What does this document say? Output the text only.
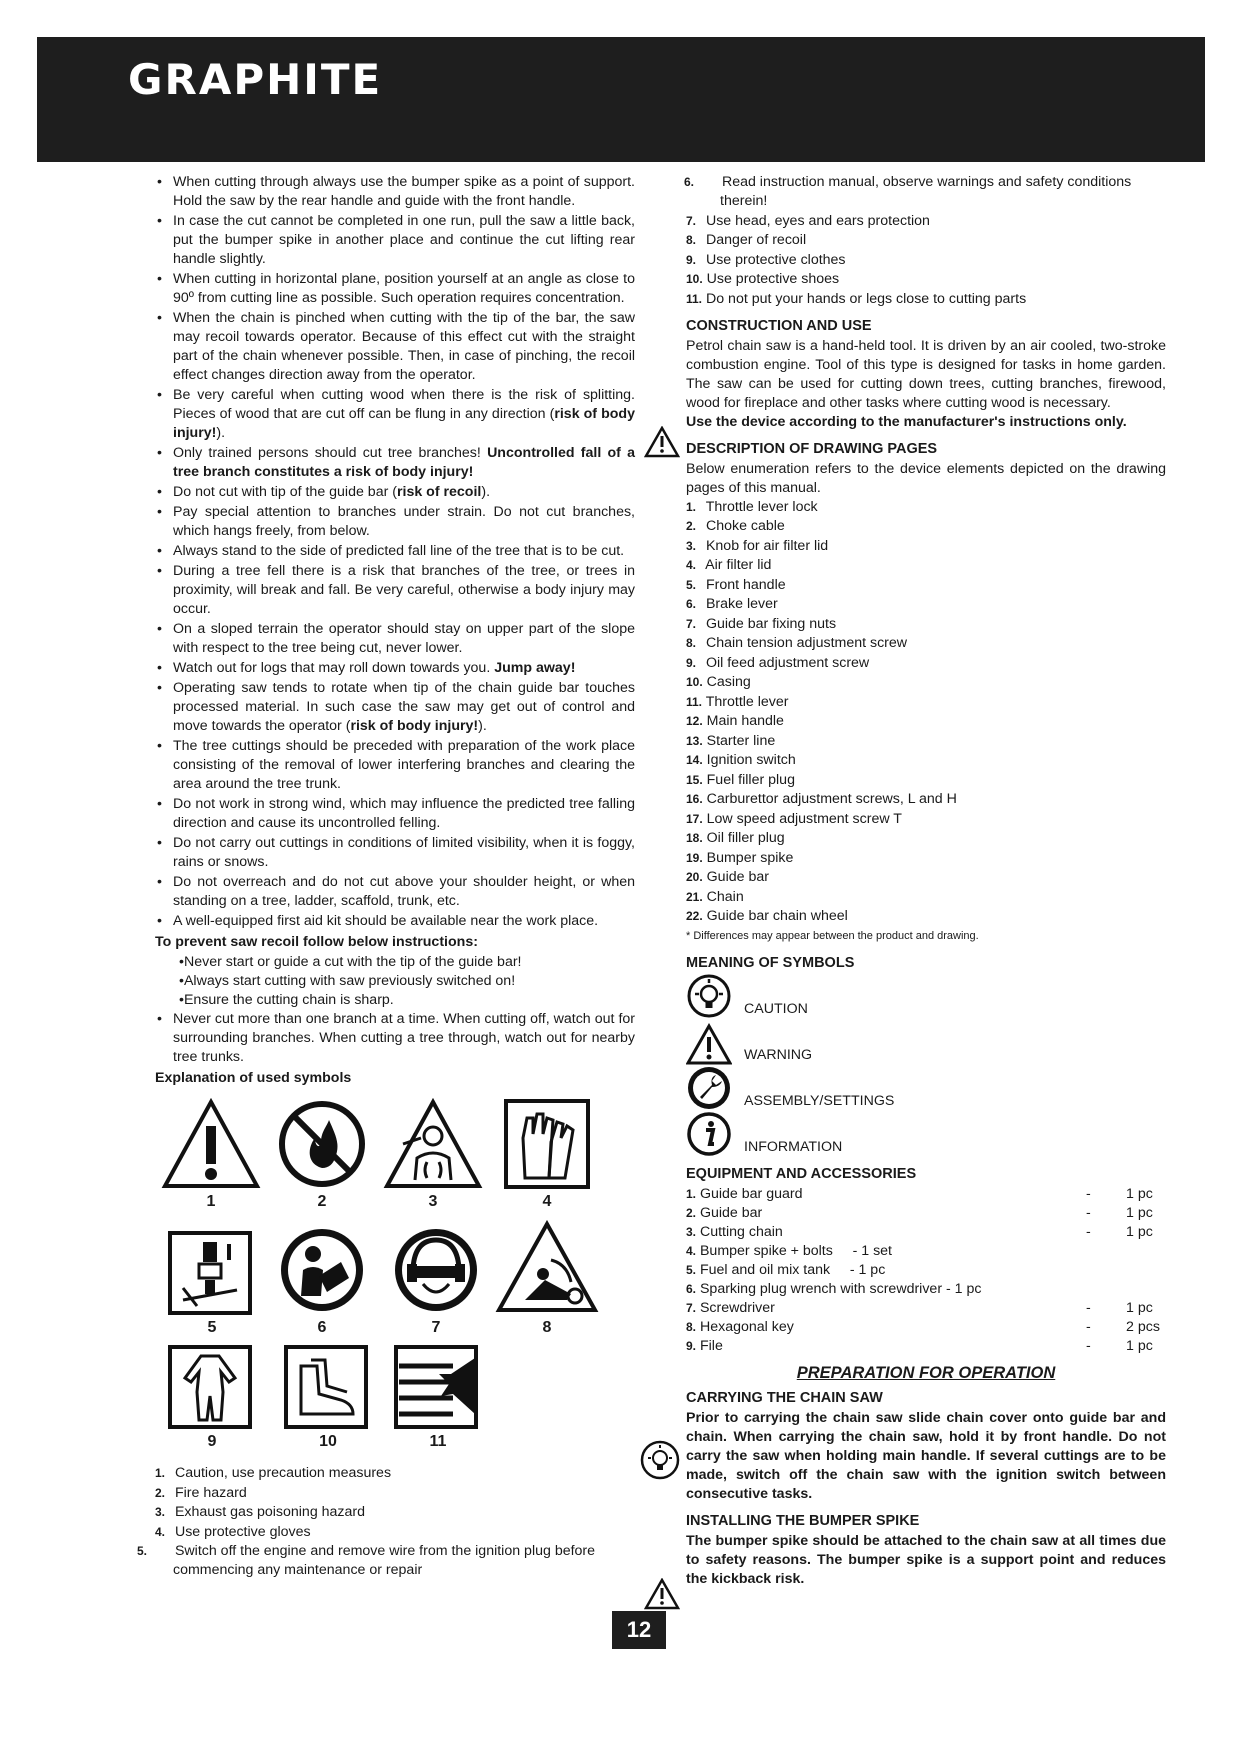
GRAPHITE
• When cutting through always use the bumper spike as a point of support. Hold the saw by the rear handle and guide with the front handle.
• In case the cut cannot be completed in one run, pull the saw a little back, put the bumper spike in another place and continue the cut lifting rear handle slightly.
• When cutting in horizontal plane, position yourself at an angle as close to 90º from cutting line as possible. Such operation requires concentration.
• When the chain is pinched when cutting with the tip of the bar, the saw may recoil towards operator. Because of this effect cut with the straight part of the chain whenever possible. Then, in case of pinching, the recoil effect changes direction away from the operator.
• Be very careful when cutting wood when there is the risk of splitting. Pieces of wood that are cut off can be flung in any direction (risk of body injury!).
• Only trained persons should cut tree branches! Uncontrolled fall of a tree branch constitutes a risk of body injury!
• Do not cut with tip of the guide bar (risk of recoil).
• Pay special attention to branches under strain. Do not cut branches, which hangs freely, from below.
• Always stand to the side of predicted fall line of the tree that is to be cut.
• During a tree fell there is a risk that branches of the tree, or trees in proximity, will break and fall. Be very careful, otherwise a body injury may occur.
• On a sloped terrain the operator should stay on upper part of the slope with respect to the tree being cut, never lower.
• Watch out for logs that may roll down towards you. Jump away!
• Operating saw tends to rotate when tip of the chain guide bar touches processed material. In such case the saw may get out of control and move towards the operator (risk of body injury!).
• The tree cuttings should be preceded with preparation of the work place consisting of the removal of lower interfering branches and clearing the area around the tree trunk.
• Do not work in strong wind, which may influence the predicted tree falling direction and cause its uncontrolled felling.
• Do not carry out cuttings in conditions of limited visibility, when it is foggy, rains or snows.
• Do not overreach and do not cut above your shoulder height, or when standing on a tree, ladder, scaffold, trunk, etc.
• A well-equipped first aid kit should be available near the work place.
To prevent saw recoil follow below instructions:
• Never start or guide a cut with the tip of the guide bar!
• Always start cutting with saw previously switched on!
• Ensure the cutting chain is sharp.
• Never cut more than one branch at a time. When cutting off, watch out for surrounding branches. When cutting a tree through, watch out for nearby tree trunks.
Explanation of used symbols
1	2	3	4
5	6	7	8
9	10	11
1. Caution, use precaution measures
2. Fire hazard
3. Exhaust gas poisoning hazard
4. Use protective gloves
5. Switch off the engine and remove wire from the ignition plug before commencing any maintenance or repair
6. Read instruction manual, observe warnings and safety conditions therein!
7. Use head, eyes and ears protection
8. Danger of recoil
9. Use protective clothes
10. Use protective shoes
11. Do not put your hands or legs close to cutting parts
CONSTRUCTION AND USE

Petrol chain saw is a hand-held tool. It is driven by an air cooled, two-stroke combustion engine. Tool of this type is designed for tasks in home garden. The saw can be used for cutting down trees, cutting branches, firewood, wood for fireplace and other tasks where cutting wood is necessary.

Use the device according to the manufacturer's instructions only.

DESCRIPTION OF DRAWING PAGES

Below enumeration refers to the device elements depicted on the drawing pages of this manual.

1. Throttle lever lock
2. Choke cable
3. Knob for air filter lid
4. Air filter lid
5. Front handle
6. Brake lever
7. Guide bar fixing nuts
8. Chain tension adjustment screw
9. Oil feed adjustment screw
10. Casing
11. Throttle lever
12. Main handle
13. Starter line
14. Ignition switch
15. Fuel filler plug
16. Carburettor adjustment screws, L and H
17. Low speed adjustment screw T
18. Oil filler plug
19. Bumper spike
20. Guide bar
21. Chain
22. Guide bar chain wheel
* Differences may appear between the product and drawing.
MEANING OF SYMBOLS
CAUTION
WARNING
ASSEMBLY/SETTINGS
INFORMATION
EQUIPMENT AND ACCESSORIES
1. Guide bar guard	-	1 pc
2. Guide bar	-	1 pc
3. Cutting chain	-	1 pc
4. Bumper spike + bolts - 1 set
5. Fuel and oil mix tank - 1 pc
6. Sparking plug wrench with screwdriver - 1 pc
7. Screwdriver	-	1 pc
8. Hexagonal key	-	2 pcs
9. File	-	1 pc
PREPARATION FOR OPERATION
CARRYING THE CHAIN SAW

Prior to carrying the chain saw slide chain cover onto guide bar and chain. When carrying the chain saw, hold it by front handle. Do not carry the saw when holding main handle. If several cuttings are to be made, switch off the chain saw with the ignition switch between consecutive tasks.

INSTALLING THE BUMPER SPIKE

The bumper spike should be attached to the chain saw at all times due to safety reasons. The bumper spike is a support point and reduces the kickback risk.

12
